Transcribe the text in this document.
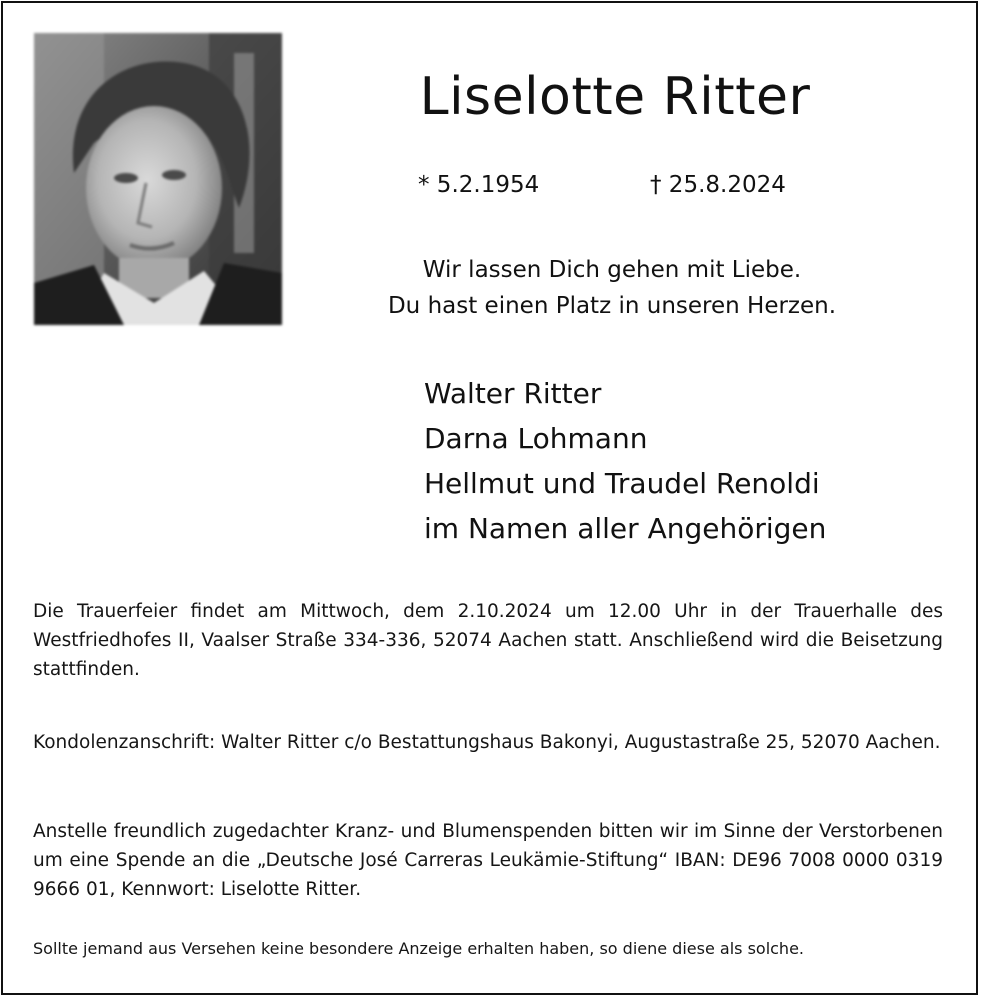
Liselotte Ritter
* 5.2.1954	† 25.8.2024
Wir lassen Dich gehen mit Liebe.
Du hast einen Platz in unseren Herzen.
Walter Ritter
Darna Lohmann
Hellmut und Traudel Renoldi
im Namen aller Angehörigen
Die Trauerfeier findet am Mittwoch, dem 2.10.2024 um 12.00 Uhr in der Trauerhalle des Westfriedhofes II, Vaalser Straße 334-336, 52074 Aachen statt. Anschließend wird die Beisetzung stattfinden.
Kondolenzanschrift: Walter Ritter c/o Bestattungshaus Bakonyi, Augustastraße 25, 52070 Aachen.
Anstelle freundlich zugedachter Kranz- und Blumenspenden bitten wir im Sinne der Verstorbenen um eine Spende an die „Deutsche José Carreras Leukämie-Stiftung“ IBAN: DE96 7008 0000 0319 9666 01, Kennwort: Liselotte Ritter.
Sollte jemand aus Versehen keine besondere Anzeige erhalten haben, so diene diese als solche.
